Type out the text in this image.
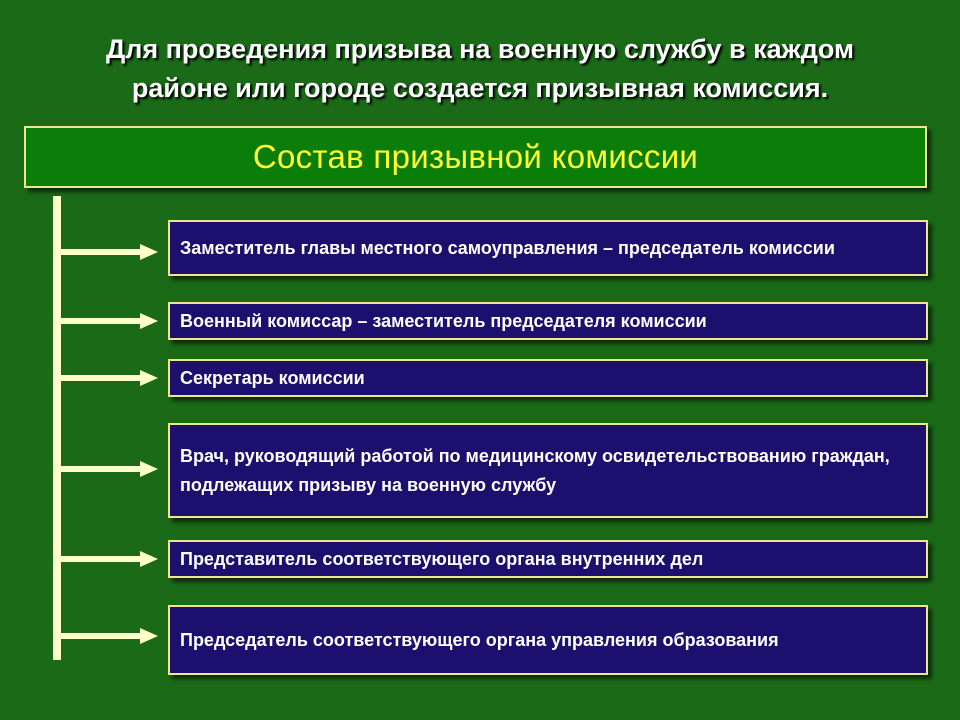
Для проведения призыва на военную службу в каждом
районе или городе создается призывная комиссия.
Состав призывной комиссии
Заместитель главы местного самоуправления – председатель комиссии
Военный комиссар – заместитель председателя комиссии
Секретарь комиссии
Врач, руководящий работой по медицинскому освидетельствованию граждан, подлежащих призыву на военную службу
Представитель соответствующего органа внутренних дел
Председатель соответствующего органа управления образования
